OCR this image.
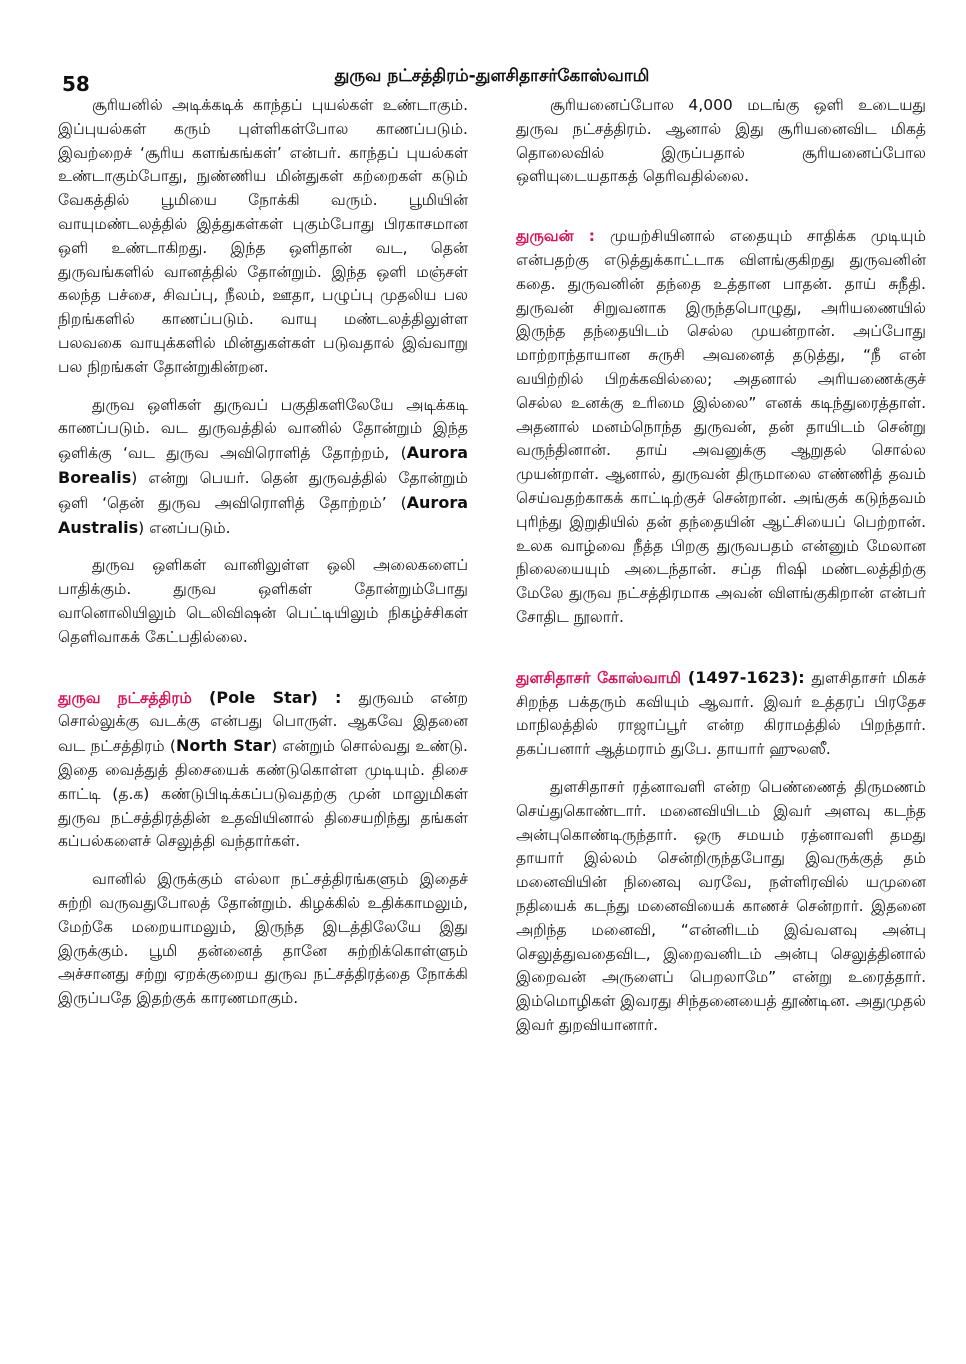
58	துருவ நட்சத்திரம்-துளசிதாசர்கோஸ்வாமி

சூரியனில் அடிக்கடிக் காந்தப் புயல்கள் உண்டாகும். இப்புயல்கள் கரும் புள்ளிகள்போல காணப்படும். இவற்றைச் ‘சூரிய களங்கங்கள்’ என்பர். காந்தப் புயல்கள் உண்டாகும்போது, நுண்ணிய மின்துகள் கற்றைகள் கடும் வேகத்தில் பூமியை நோக்கி வரும். பூமியின் வாயுமண்டலத்தில் இத்துகள்கள் புகும்போது பிரகாசமான ஒளி உண்டாகிறது. இந்த ஒளிதான் வட, தென் துருவங்களில் வானத்தில் தோன்றும். இந்த ஒளி மஞ்சள் கலந்த பச்சை, சிவப்பு, நீலம், ஊதா, பழுப்பு முதலிய பல நிறங்களில் காணப்படும். வாயு மண்டலத்திலுள்ள பலவகை வாயுக்களில் மின்துகள்கள் படுவதால் இவ்வாறு பல நிறங்கள் தோன்றுகின்றன.

துருவ ஒளிகள் துருவப் பகுதிகளிலேயே அடிக்கடி காணப்படும். வட துருவத்தில் வானில் தோன்றும் இந்த ஒளிக்கு ‘வட துருவ அவிரொளித் தோற்றம், (Aurora Borealis) என்று பெயர். தென் துருவத்தில் தோன்றும் ஒளி ‘தென் துருவ அவிரொளித் தோற்றம்’ (Aurora Australis) எனப்படும்.

துருவ ஒளிகள் வானிலுள்ள ஒலி அலைகளைப் பாதிக்கும். துருவ ஒளிகள் தோன்றும்போது வானொலியிலும் டெலிவிஷன் பெட்டியிலும் நிகழ்ச்சிகள் தெளிவாகக் கேட்பதில்லை.

துருவ நட்சத்திரம் (Pole Star) : துருவம் என்ற சொல்லுக்கு வடக்கு என்பது பொருள். ஆகவே இதனை வட நட்சத்திரம் (North Star) என்றும் சொல்வது உண்டு. இதை வைத்துத் திசையைக் கண்டுகொள்ள முடியும். திசை காட்டி (த.க) கண்டுபிடிக்கப்படுவதற்கு முன் மாலுமிகள் துருவ நட்சத்திரத்தின் உதவியினால் திசையறிந்து தங்கள் கப்பல்களைச் செலுத்தி வந்தார்கள்.

வானில் இருக்கும் எல்லா நட்சத்திரங்களும் இதைச் சுற்றி வருவதுபோலத் தோன்றும். கிழக்கில் உதிக்காமலும், மேற்கே மறையாமலும், இருந்த இடத்திலேயே இது இருக்கும். பூமி தன்னைத் தானே சுற்றிக்கொள்ளும் அச்சானது சற்று ஏறக்குறைய துருவ நட்சத்திரத்தை நோக்கி இருப்பதே இதற்குக் காரணமாகும்.

சூரியனைப்போல 4,000 மடங்கு ஒளி உடையது துருவ நட்சத்திரம். ஆனால் இது சூரியனைவிட மிகத் தொலைவில் இருப்பதால் சூரியனைப்போல ஒளியுடையதாகத் தெரிவதில்லை.

துருவன் : முயற்சியினால் எதையும் சாதிக்க முடியும் என்பதற்கு எடுத்துக்காட்டாக விளங்குகிறது துருவனின் கதை. துருவனின் தந்தை உத்தான பாதன். தாய் சுநீதி. துருவன் சிறுவனாக இருந்தபொழுது, அரியணையில் இருந்த தந்தையிடம் செல்ல முயன்றான். அப்போது மாற்றாந்தாயான சுருசி அவனைத் தடுத்து, “நீ என் வயிற்றில் பிறக்கவில்லை; அதனால் அரியணைக்குச் செல்ல உனக்கு உரிமை இல்லை” எனக் கடிந்துரைத்தாள். அதனால் மனம்நொந்த துருவன், தன் தாயிடம் சென்று வருந்தினான். தாய் அவனுக்கு ஆறுதல் சொல்ல முயன்றாள். ஆனால், துருவன் திருமாலை எண்ணித் தவம் செய்வதற்காகக் காட்டிற்குச் சென்றான். அங்குக் கடுந்தவம் புரிந்து இறுதியில் தன் தந்தையின் ஆட்சியைப் பெற்றான். உலக வாழ்வை நீத்த பிறகு துருவபதம் என்னும் மேலான நிலையையும் அடைந்தான். சப்த ரிஷி மண்டலத்திற்கு மேலே துருவ நட்சத்திரமாக அவன் விளங்குகிறான் என்பர் சோதிட நூலார்.

துளசிதாசர் கோஸ்வாமி (1497-1623): துளசிதாசர் மிகச் சிறந்த பக்தரும் கவியும் ஆவார். இவர் உத்தரப் பிரதேச மாநிலத்தில் ராஜாப்பூர் என்ற கிராமத்தில் பிறந்தார். தகப்பனார் ஆத்மராம் துபே. தாயார் ஹுலஸீ.

துளசிதாசர் ரத்னாவளி என்ற பெண்ணைத் திருமணம் செய்துகொண்டார். மனைவியிடம் இவர் அளவு கடந்த அன்புகொண்டிருந்தார். ஒரு சமயம் ரத்னாவளி தமது தாயார் இல்லம் சென்றிருந்தபோது இவருக்குத் தம் மனைவியின் நினைவு வரவே, நள்ளிரவில் யமுனை நதியைக் கடந்து மனைவியைக் காணச் சென்றார். இதனை அறிந்த மனைவி, “என்னிடம் இவ்வளவு அன்பு செலுத்துவதைவிட, இறைவனிடம் அன்பு செலுத்தினால் இறைவன் அருளைப் பெறலாமே” என்று உரைத்தார். இம்மொழிகள் இவரது சிந்தனையைத் தூண்டின. அதுமுதல் இவர் துறவியானார்.
